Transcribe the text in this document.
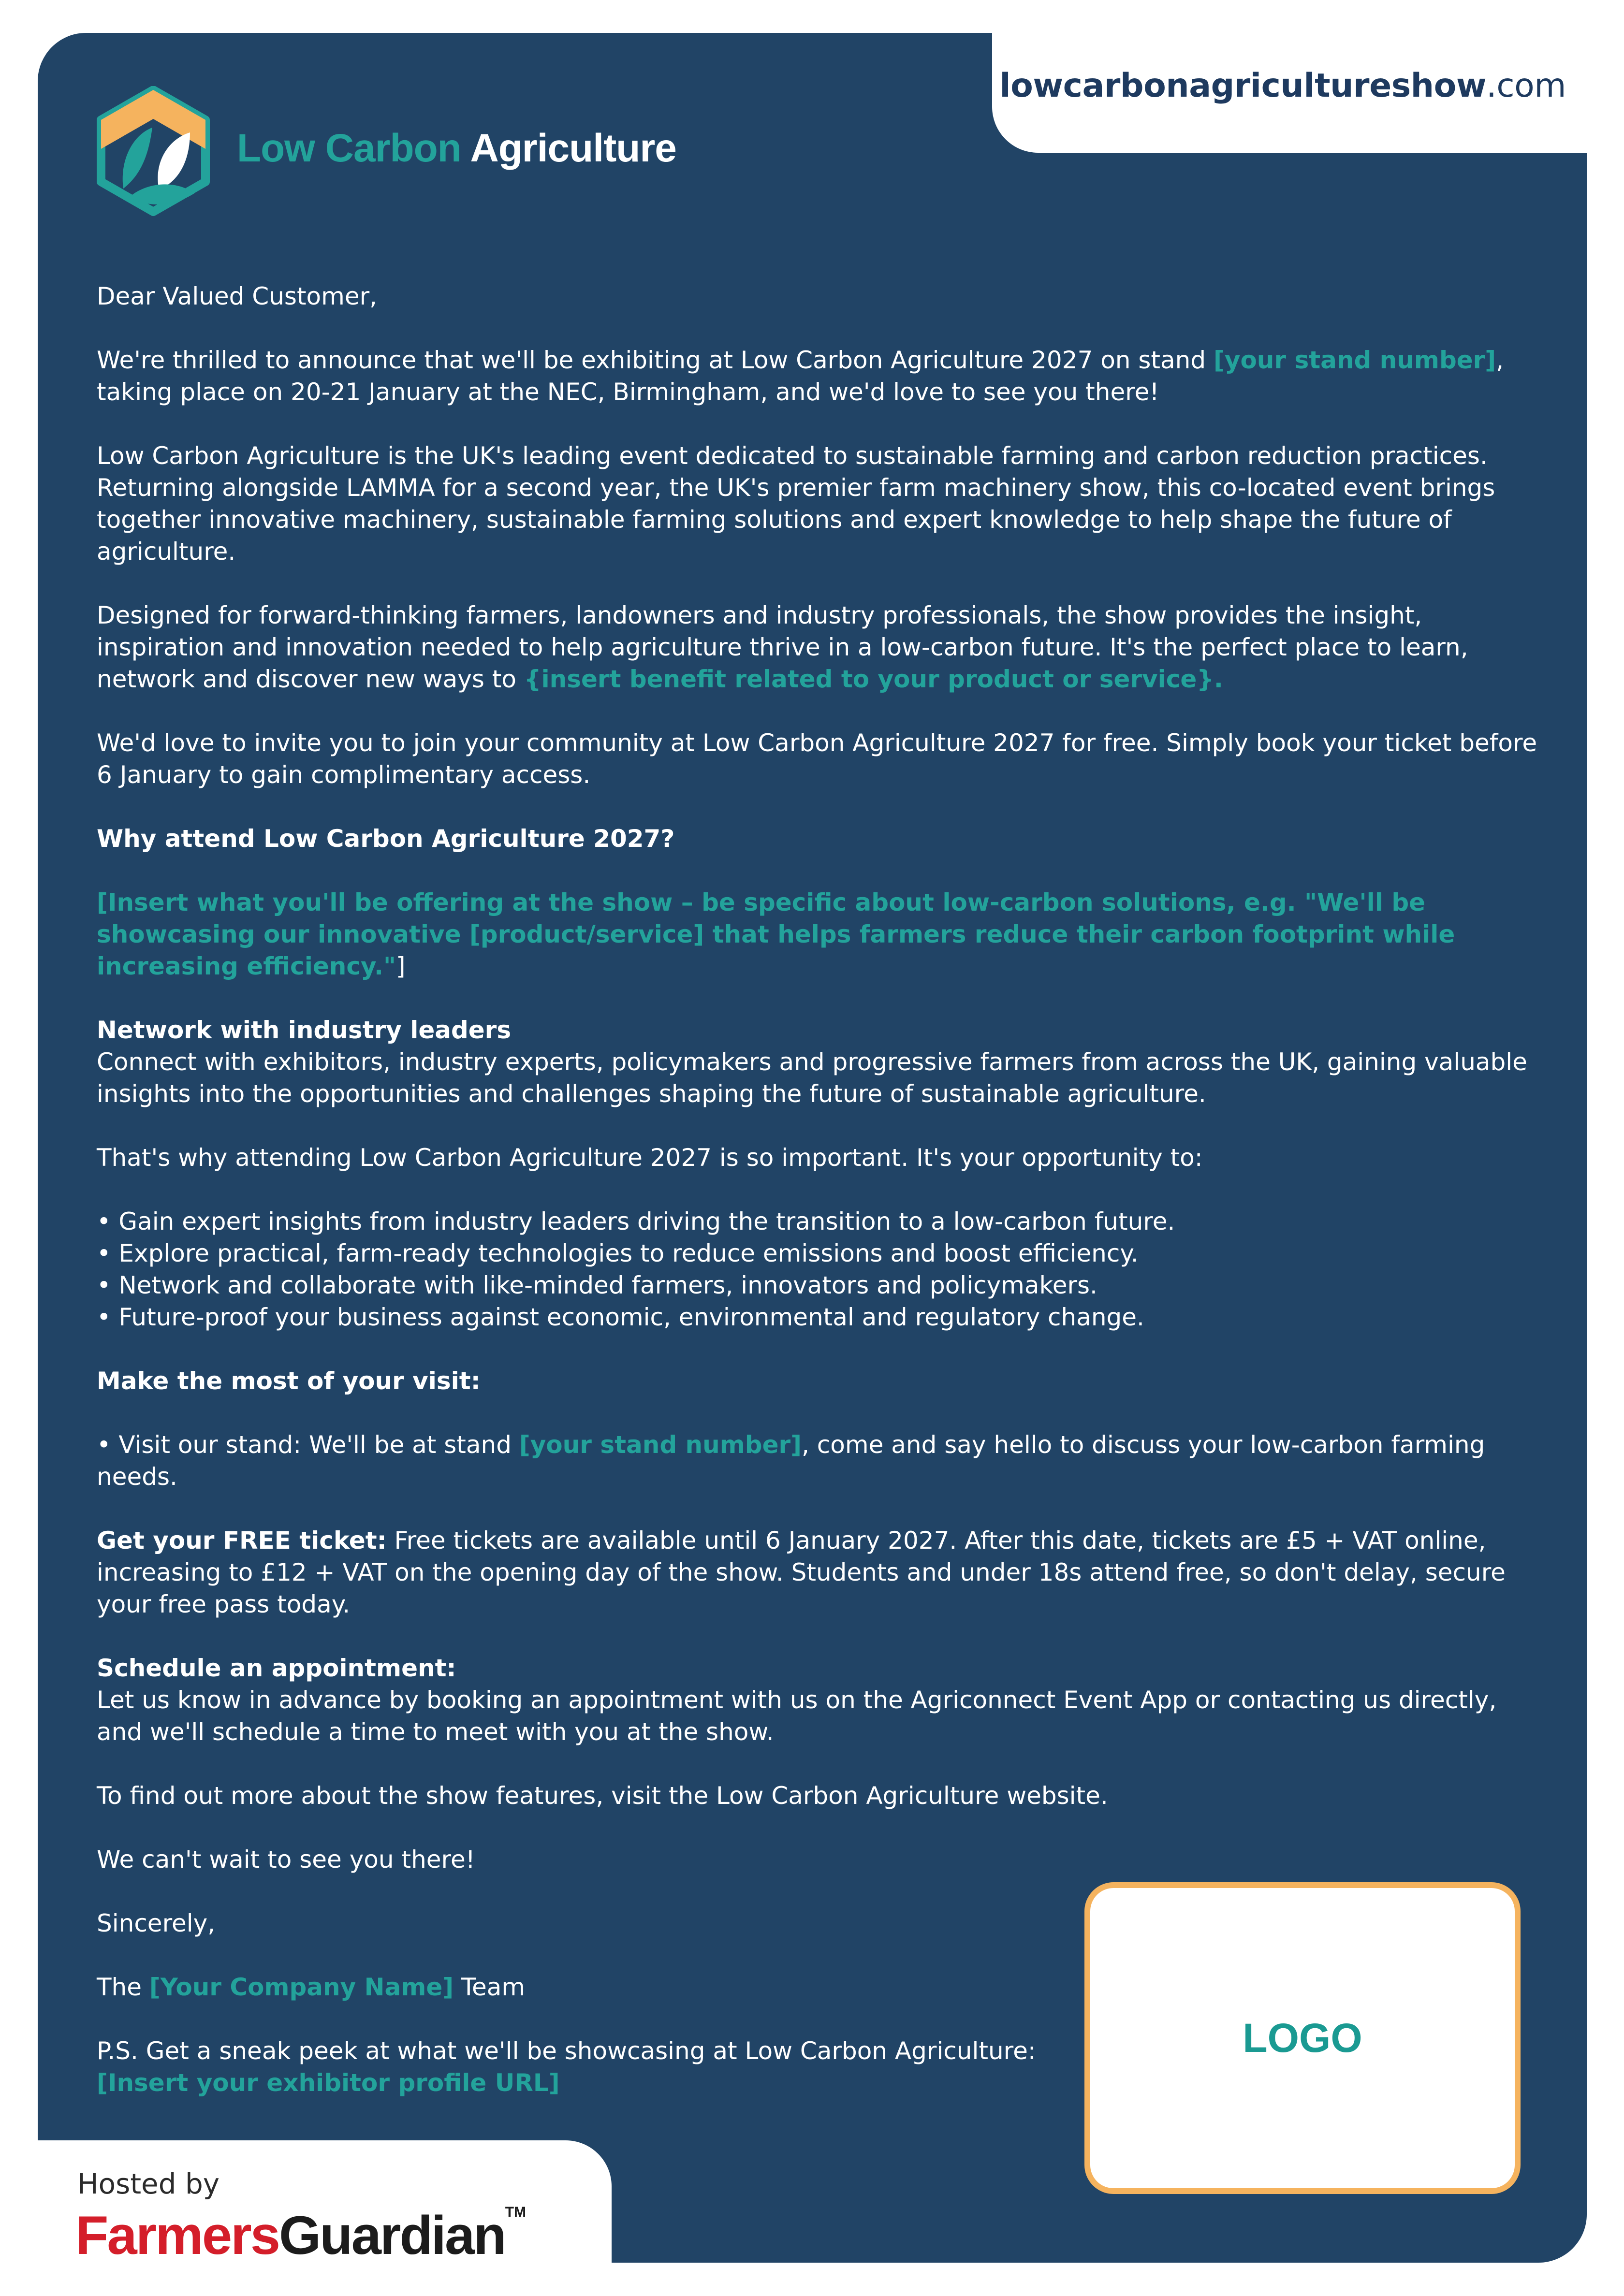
lowcarbonagricultureshow.com

Low Carbon Agriculture

Dear Valued Customer,

We're thrilled to announce that we'll be exhibiting at Low Carbon Agriculture 2027 on stand [your stand number], taking place on 20-21 January at the NEC, Birmingham, and we'd love to see you there!

Low Carbon Agriculture is the UK's leading event dedicated to sustainable farming and carbon reduction practices. Returning alongside LAMMA for a second year, the UK's premier farm machinery show, this co-located event brings together innovative machinery, sustainable farming solutions and expert knowledge to help shape the future of agriculture.

Designed for forward-thinking farmers, landowners and industry professionals, the show provides the insight, inspiration and innovation needed to help agriculture thrive in a low-carbon future. It's the perfect place to learn, network and discover new ways to {insert benefit related to your product or service}.

We'd love to invite you to join your community at Low Carbon Agriculture 2027 for free. Simply book your ticket before 6 January to gain complimentary access.

Why attend Low Carbon Agriculture 2027?

[Insert what you'll be offering at the show – be specific about low-carbon solutions, e.g. "We'll be showcasing our innovative [product/service] that helps farmers reduce their carbon footprint while increasing efficiency."]

Network with industry leaders
Connect with exhibitors, industry experts, policymakers and progressive farmers from across the UK, gaining valuable insights into the opportunities and challenges shaping the future of sustainable agriculture.

That's why attending Low Carbon Agriculture 2027 is so important. It's your opportunity to:

• Gain expert insights from industry leaders driving the transition to a low-carbon future.
• Explore practical, farm-ready technologies to reduce emissions and boost efficiency.
• Network and collaborate with like-minded farmers, innovators and policymakers.
• Future-proof your business against economic, environmental and regulatory change.

Make the most of your visit:

• Visit our stand: We'll be at stand [your stand number], come and say hello to discuss your low-carbon farming needs.

Get your FREE ticket: Free tickets are available until 6 January 2027. After this date, tickets are £5 + VAT online, increasing to £12 + VAT on the opening day of the show. Students and under 18s attend free, so don't delay, secure your free pass today.

Schedule an appointment:
Let us know in advance by booking an appointment with us on the Agriconnect Event App or contacting us directly, and we'll schedule a time to meet with you at the show.

To find out more about the show features, visit the Low Carbon Agriculture website.

We can't wait to see you there!

Sincerely,

The [Your Company Name] Team

P.S. Get a sneak peek at what we'll be showcasing at Low Carbon Agriculture:
[Insert your exhibitor profile URL]

LOGO

Hosted by

FarmersGuardian™
